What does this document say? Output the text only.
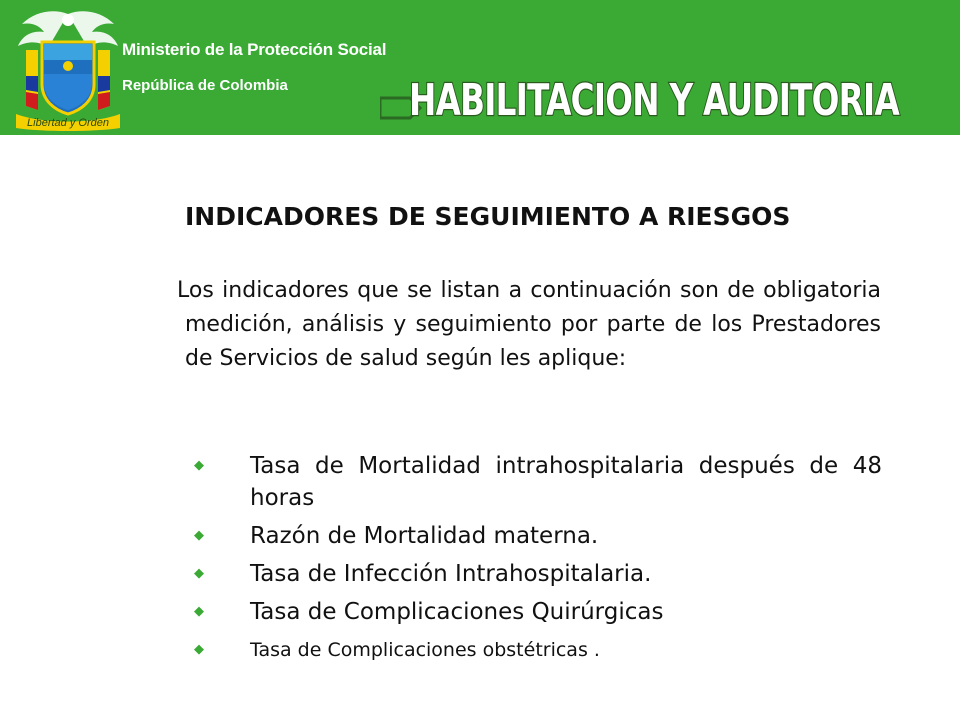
Libertad y Orden
Ministerio de la Protección Social
República de Colombia	HABILITACION Y AUDITORIA
INDICADORES DE SEGUIMIENTO A RIESGOS
Los indicadores que se listan a continuación son de obligatoria medición, análisis y seguimiento por parte de los Prestadores de Servicios de salud según les aplique:
◆ Tasa de Mortalidad intrahospitalaria después de 48 horas
◆ Razón de Mortalidad materna.
◆ Tasa de Infección Intrahospitalaria.
◆ Tasa de Complicaciones Quirúrgicas
◆ Tasa de Complicaciones obstétricas .
